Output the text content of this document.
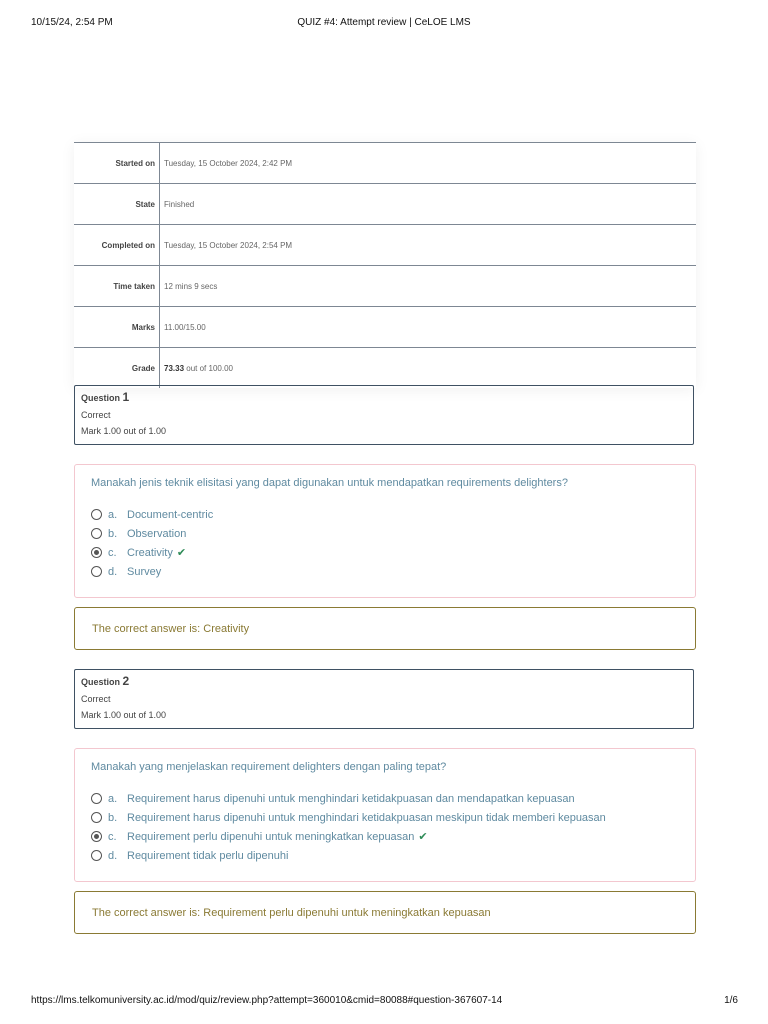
10/15/24, 2:54 PM	QUIZ #4: Attempt review | CeLOE LMS
Started on	Tuesday, 15 October 2024, 2:42 PM
State	Finished
Completed on	Tuesday, 15 October 2024, 2:54 PM
Time taken	12 mins 9 secs
Marks	11.00/15.00
Grade	73.33 out of 100.00
Question 1
Correct
Mark 1.00 out of 1.00
Manakah jenis teknik elisitasi yang dapat digunakan untuk mendapatkan requirements delighters?
a. Document-centric
b. Observation
c. Creativity ✔
d. Survey
The correct answer is: Creativity
Question 2
Correct
Mark 1.00 out of 1.00
Manakah yang menjelaskan requirement delighters dengan paling tepat?
a. Requirement harus dipenuhi untuk menghindari ketidakpuasan dan mendapatkan kepuasan
b. Requirement harus dipenuhi untuk menghindari ketidakpuasan meskipun tidak memberi kepuasan
c. Requirement perlu dipenuhi untuk meningkatkan kepuasan ✔
d. Requirement tidak perlu dipenuhi
The correct answer is: Requirement perlu dipenuhi untuk meningkatkan kepuasan
https://lms.telkomuniversity.ac.id/mod/quiz/review.php?attempt=360010&cmid=80088#question-367607-14	1/6
